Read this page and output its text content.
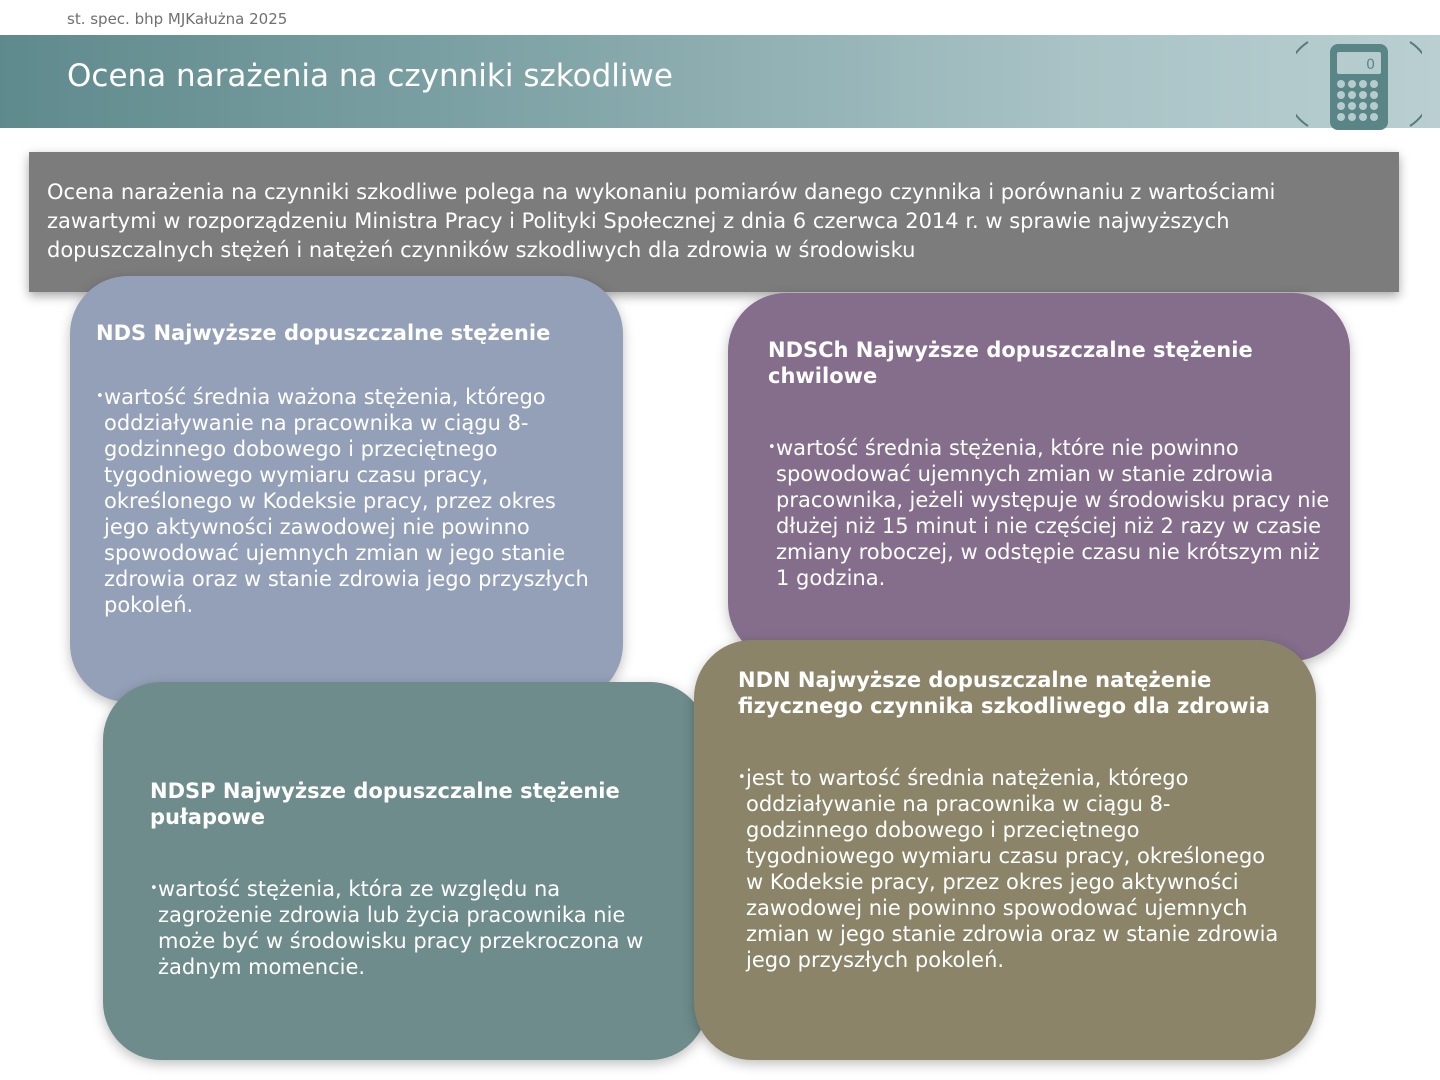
st. spec. bhp MJKałużna 2025
Ocena narażenia na czynniki szkodliwe	0
Ocena narażenia na czynniki szkodliwe polega na wykonaniu pomiarów danego czynnika i porównaniu z wartościami zawartymi w rozporządzeniu Ministra Pracy i Polityki Społecznej z dnia 6 czerwca 2014 r. w sprawie najwyższych dopuszczalnych stężeń i natężeń czynników szkodliwych dla zdrowia w środowisku
NDS Najwyższe dopuszczalne stężenie
• wartość średnia ważona stężenia, którego oddziaływanie na pracownika w ciągu 8-godzinnego dobowego i przeciętnego tygodniowego wymiaru czasu pracy, określonego w Kodeksie pracy, przez okres jego aktywności zawodowej nie powinno spowodować ujemnych zmian w jego stanie zdrowia oraz w stanie zdrowia jego przyszłych pokoleń.
NDSCh Najwyższe dopuszczalne stężenie chwilowe
• wartość średnia stężenia, które nie powinno spowodować ujemnych zmian w stanie zdrowia pracownika, jeżeli występuje w środowisku pracy nie dłużej niż 15 minut i nie częściej niż 2 razy w czasie zmiany roboczej, w odstępie czasu nie krótszym niż 1 godzina.
NDSP Najwyższe dopuszczalne stężenie pułapowe
• wartość stężenia, która ze względu na zagrożenie zdrowia lub życia pracownika nie może być w środowisku pracy przekroczona w żadnym momencie.
NDN Najwyższe dopuszczalne natężenie fizycznego czynnika szkodliwego dla zdrowia
• jest to wartość średnia natężenia, którego oddziaływanie na pracownika w ciągu 8-godzinnego dobowego i przeciętnego tygodniowego wymiaru czasu pracy, określonego w Kodeksie pracy, przez okres jego aktywności zawodowej nie powinno spowodować ujemnych zmian w jego stanie zdrowia oraz w stanie zdrowia jego przyszłych pokoleń.
